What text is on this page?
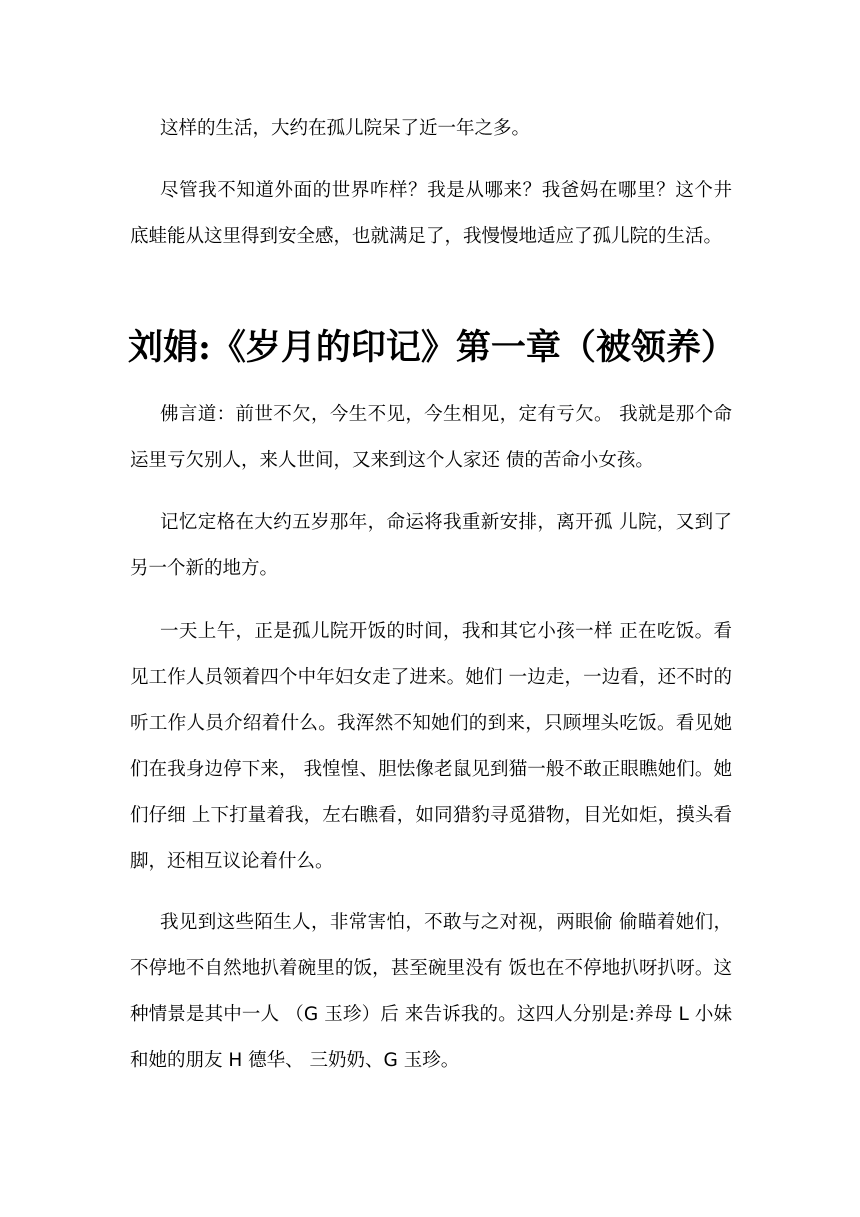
这样的生活，大约在孤儿院呆了近一年之多。

尽管我不知道外面的世界咋样？我是从哪来？我爸妈在哪里？这个井底蛙能从这里得到安全感，也就满足了，我慢慢地适应了孤儿院的生活。

刘娟:《岁月的印记》第一章（被领养）

佛言道：前世不欠，今生不见，今生相见，定有亏欠。 我就是那个命运里亏欠别人，来人世间，又来到这个人家还 债的苦命小女孩。

记忆定格在大约五岁那年，命运将我重新安排，离开孤 儿院，又到了另一个新的地方。

一天上午，正是孤儿院开饭的时间，我和其它小孩一样 正在吃饭。看见工作人员领着四个中年妇女走了进来。她们 一边走，一边看，还不时的听工作人员介绍着什么。我浑然不知她们的到来，只顾埋头吃饭。看见她们在我身边停下来， 我惶惶、胆怯像老鼠见到猫一般不敢正眼瞧她们。她们仔细 上下打量着我，左右瞧看，如同猎豹寻觅猎物，目光如炬，摸头看脚，还相互议论着什么。

我见到这些陌生人，非常害怕，不敢与之对视，两眼偷 偷瞄着她们，不停地不自然地扒着碗里的饭，甚至碗里没有 饭也在不停地扒呀扒呀。这种情景是其中一人 （G 玉珍）后 来告诉我的。这四人分别是:养母 L 小妹和她的朋友 H 德华、 三奶奶、G 玉珍。
